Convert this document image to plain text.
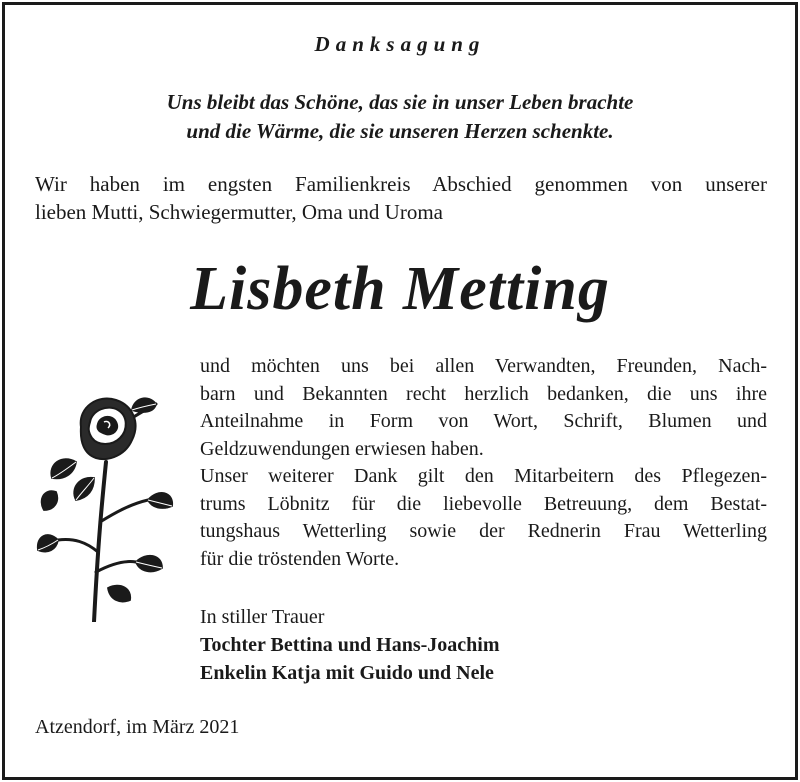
Danksagung
Uns bleibt das Schöne, das sie in unser Leben brachte
und die Wärme, die sie unseren Herzen schenkte.
Wir haben im engsten Familienkreis Abschied genommen von unserer
lieben Mutti, Schwiegermutter, Oma und Uroma
Lisbeth Metting
und möchten uns bei allen Verwandten, Freunden, Nach-
barn und Bekannten recht herzlich bedanken, die uns ihre
Anteilnahme in Form von Wort, Schrift, Blumen und
Geldzuwendungen erwiesen haben.
Unser weiterer Dank gilt den Mitarbeitern des Pflegezen-
trums Löbnitz für die liebevolle Betreuung, dem Bestat-
tungshaus Wetterling sowie der Rednerin Frau Wetterling
für die tröstenden Worte.
In stiller Trauer
Tochter Bettina und Hans-Joachim
Enkelin Katja mit Guido und Nele
Atzendorf, im März 2021
